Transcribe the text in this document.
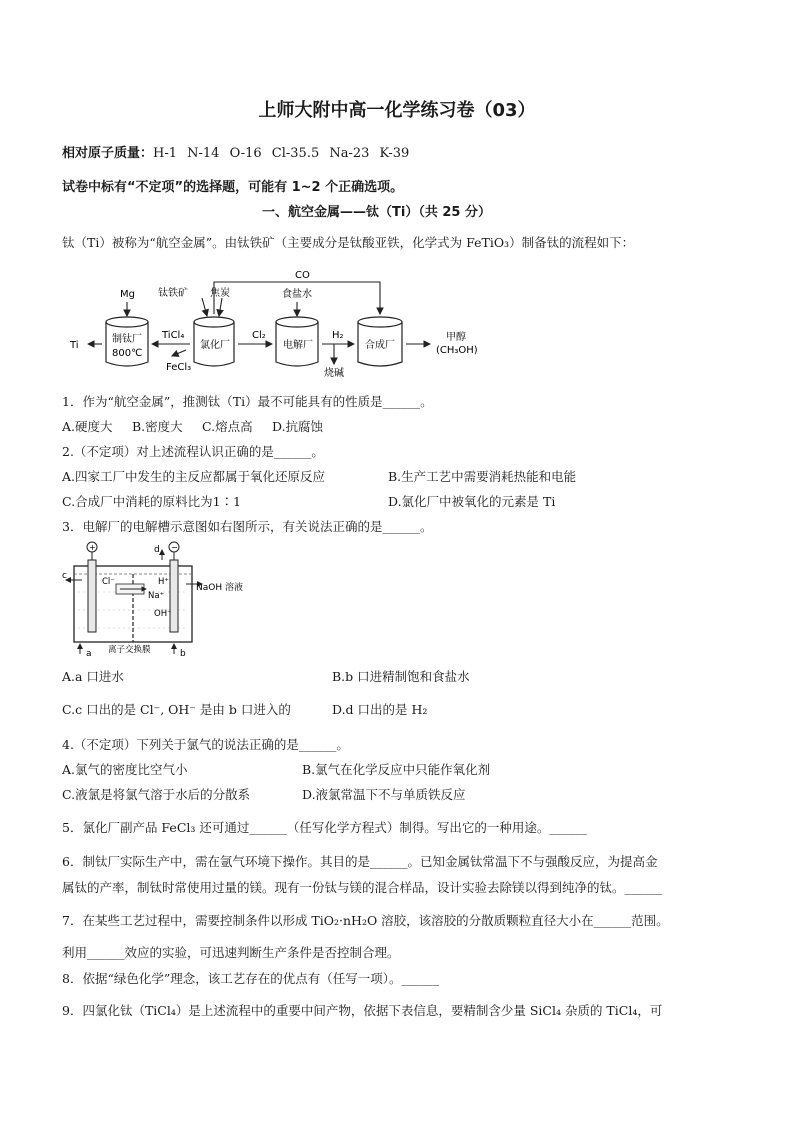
上师大附中高一化学练习卷（03）
相对原子质量：H-1 N-14 O-16 Cl-35.5 Na-23 K-39
试卷中标有“不定项”的选择题，可能有 1~2 个正确选项。
一、航空金属——钛（Ti）（共 25 分）
钛（Ti）被称为“航空金属”。由钛铁矿（主要成分是钛酸亚铁，化学式为 FeTiO₃）制备钛的流程如下：
CO
Mg 钛铁矿 焦炭	食盐水
TiCl₄	Cl₂	H₂
Ti
FeCl₃
烧碱
甲醇
(CH₃OH)
制钛厂
800℃
氯化厂	电解厂	合成厂
1．作为“航空金属”，推测钛（Ti）最不可能具有的性质是______。
A.硬度大 B.密度大 C.熔点高 D.抗腐蚀
2.（不定项）对上述流程认识正确的是______。
A.四家工厂中发生的主反应都属于氧化还原反应	B.生产工艺中需要消耗热能和电能
C.合成厂中消耗的原料比为1∶1	D.氯化厂中被氧化的元素是 Ti
3．电解厂的电解槽示意图如右图所示，有关说法正确的是______。
+	−
c
d
a	b
Cl⁻	H⁺
Na⁺
OH⁻
NaOH 溶液
离子交换膜
A.a 口进水	B.b 口进精制饱和食盐水
C.c 口出的是 Cl⁻, OH⁻ 是由 b 口进入的	D.d 口出的是 H₂
4.（不定项）下列关于氯气的说法正确的是______。
A.氯气的密度比空气小	B.氯气在化学反应中只能作氧化剂
C.液氯是将氯气溶于水后的分散系	D.液氯常温下不与单质铁反应
5．氯化厂副产品 FeCl₃ 还可通过______（任写化学方程式）制得。写出它的一种用途。______
6．制钛厂实际生产中，需在氩气环境下操作。其目的是______。已知金属钛常温下不与强酸反应，为提高金
属钛的产率，制钛时常使用过量的镁。现有一份钛与镁的混合样品，设计实验去除镁以得到纯净的钛。______
7．在某些工艺过程中，需要控制条件以形成 TiO₂·nH₂O 溶胶，该溶胶的分散质颗粒直径大小在______范围。
利用______效应的实验，可迅速判断生产条件是否控制合理。
8．依据“绿色化学”理念，该工艺存在的优点有（任写一项）。______
9．四氯化钛（TiCl₄）是上述流程中的重要中间产物，依据下表信息，要精制含少量 SiCl₄ 杂质的 TiCl₄，可
